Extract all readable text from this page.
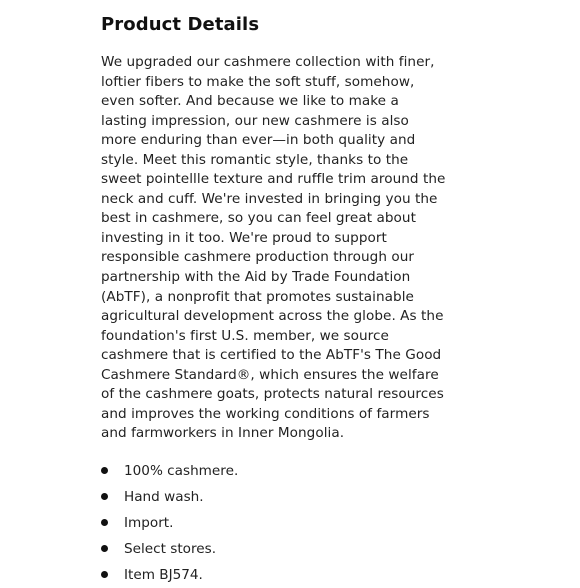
Product Details

We upgraded our cashmere collection with finer, loftier fibers to make the soft stuff, somehow, even softer. And because we like to make a lasting impression, our new cashmere is also more enduring than ever—in both quality and style. Meet this romantic style, thanks to the sweet pointellle texture and ruffle trim around the neck and cuff. We're invested in bringing you the best in cashmere, so you can feel great about investing in it too. We're proud to support responsible cashmere production through our partnership with the Aid by Trade Foundation (AbTF), a nonprofit that promotes sustainable agricultural development across the globe. As the foundation's first U.S. member, we source cashmere that is certified to the AbTF's The Good Cashmere Standard®, which ensures the welfare of the cashmere goats, protects natural resources and improves the working conditions of farmers and farmworkers in Inner Mongolia.

100% cashmere.
Hand wash.
Import.
Select stores.
Item BJ574.
